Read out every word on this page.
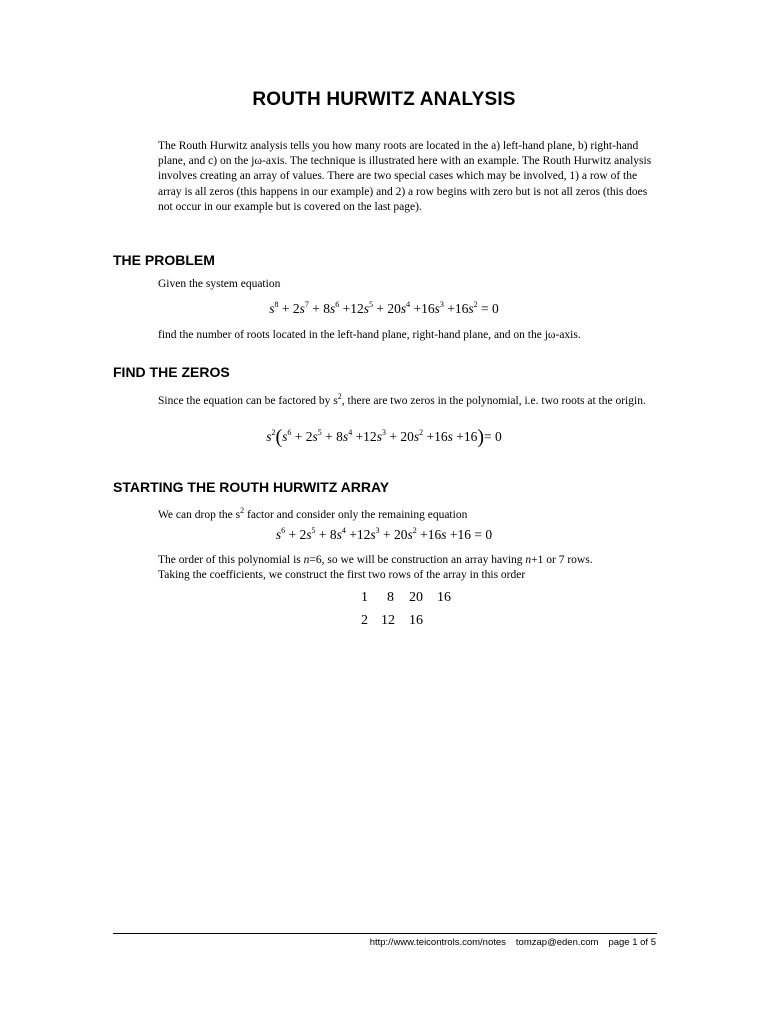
ROUTH HURWITZ ANALYSIS
The Routh Hurwitz analysis tells you how many roots are located in the a) left-hand plane, b) right-hand plane, and c) on the jω-axis. The technique is illustrated here with an example. The Routh Hurwitz analysis involves creating an array of values. There are two special cases which may be involved, 1) a row of the array is all zeros (this happens in our example) and 2) a row begins with zero but is not all zeros (this does not occur in our example but is covered on the last page).
THE PROBLEM
Given the system equation
$s^8 + 2s^7 + 8s^6 +12s^5 + 20s^4 +16s^3 +16s^2 = 0$
find the number of roots located in the left-hand plane, right-hand plane, and on the jω-axis.
FIND THE ZEROS
Since the equation can be factored by $s^2$, there are two zeros in the polynomial, i.e. two roots at the origin.
$s^2(s^6 + 2s^5 + 8s^4 +12s^3 + 20s^2 +16s +16)= 0$
STARTING THE ROUTH HURWITZ ARRAY
We can drop the $s^2$ factor and consider only the remaining equation
$s^6 + 2s^5 + 8s^4 +12s^3 + 20s^2 +16s +16 = 0$
The order of this polynomial is n=6, so we will be construction an array having n+1 or 7 rows.
Taking the coefficients, we construct the first two rows of the array in this order
1 8 20 16
2 12 16
http://www.teicontrols.com/notes tomzap@eden.com page 1 of 5
